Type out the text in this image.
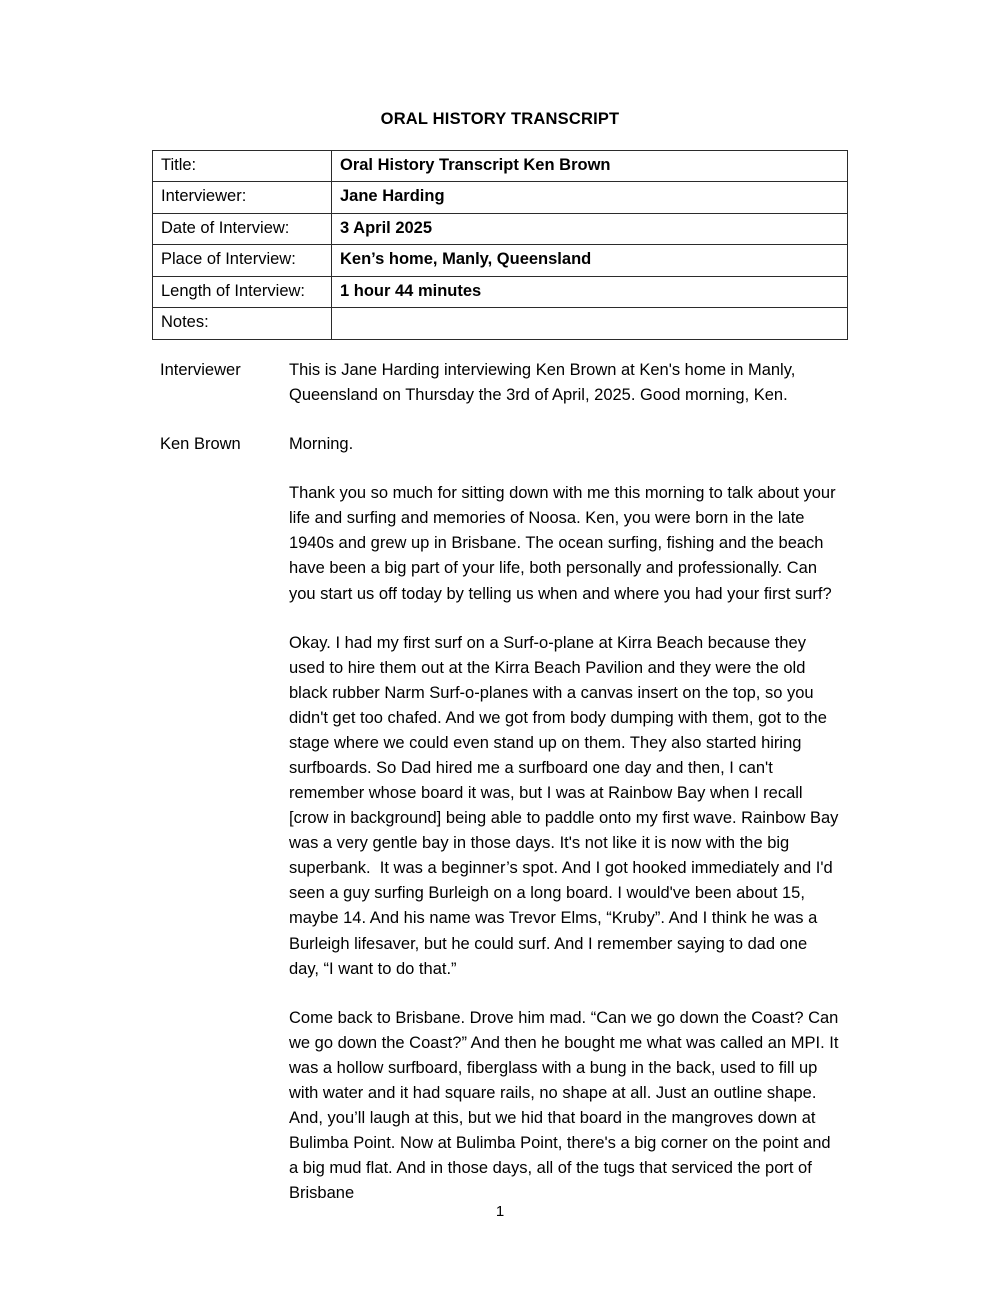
ORAL HISTORY TRANSCRIPT
Title:	Oral History Transcript Ken Brown
Interviewer:	Jane Harding
Date of Interview:	3 April 2025
Place of Interview:	Ken’s home, Manly, Queensland
Length of Interview:	1 hour 44 minutes
Notes:	
Interviewer	This is Jane Harding interviewing Ken Brown at Ken's home in Manly, Queensland on Thursday the 3rd of April, 2025. Good morning, Ken.

Ken Brown	Morning.

Thank you so much for sitting down with me this morning to talk about your life and surfing and memories of Noosa. Ken, you were born in the late 1940s and grew up in Brisbane. The ocean surfing, fishing and the beach have been a big part of your life, both personally and professionally. Can you start us off today by telling us when and where you had your first surf?

Okay. I had my first surf on a Surf-o-plane at Kirra Beach because they used to hire them out at the Kirra Beach Pavilion and they were the old black rubber Narm Surf-o-planes with a canvas insert on the top, so you didn't get too chafed. And we got from body dumping with them, got to the stage where we could even stand up on them. They also started hiring surfboards. So Dad hired me a surfboard one day and then, I can't remember whose board it was, but I was at Rainbow Bay when I recall [crow in background] being able to paddle onto my first wave. Rainbow Bay was a very gentle bay in those days. It's not like it is now with the big superbank.  It was a beginner’s spot. And I got hooked immediately and I'd seen a guy surfing Burleigh on a long board. I would've been about 15, maybe 14. And his name was Trevor Elms, “Kruby”. And I think he was a Burleigh lifesaver, but he could surf. And I remember saying to dad one day, “I want to do that.”

Come back to Brisbane. Drove him mad. “Can we go down the Coast? Can we go down the Coast?” And then he bought me what was called an MPI. It was a hollow surfboard, fiberglass with a bung in the back, used to fill up with water and it had square rails, no shape at all. Just an outline shape. And, you’ll laugh at this, but we hid that board in the mangroves down at Bulimba Point. Now at Bulimba Point, there's a big corner on the point and a big mud flat. And in those days, all of the tugs that serviced the port of Brisbane

1
